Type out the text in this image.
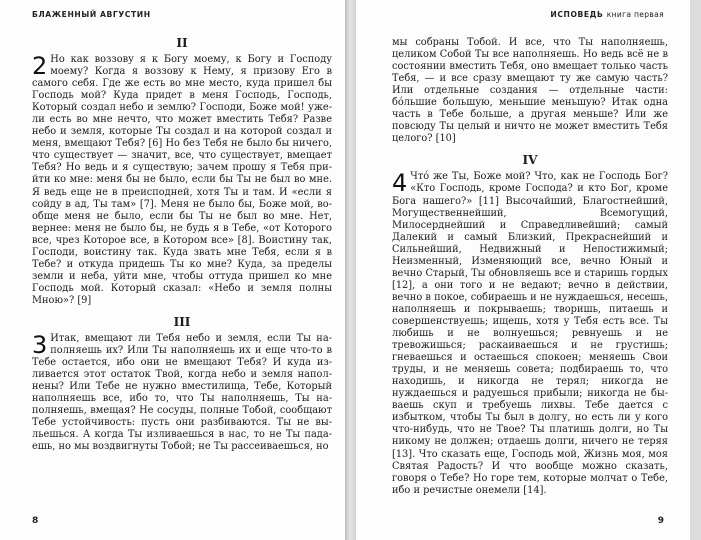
БЛАЖЕННЫЙ АВГУСТИН
II

2 Но как воззову я к Богу моему, к Богу и Господу моему? Когда я воззову к Нему, я призову Его в самого себя. Где же есть во мне место, куда пришел бы Господь мой? Куда придет в меня Господь, Господь, Который создал небо и землю? Господи, Боже мой! ужели есть во мне нечто, что может вместить Тебя? Разве небо и земля, которые Ты создал и на которой создал и меня, вмещают Тебя? [6] Но без Тебя не было бы ничего, что существует — значит, все, что существует, вмещает Тебя? Но ведь и я существую; зачем прошу я Тебя прийти ко мне: меня бы не было, если бы Ты не был во мне. Я ведь еще не в преисподней, хотя Ты и там. И «если я сойду в ад, Ты там» [7]. Меня не было бы, Боже мой, вообще меня не было, если бы Ты не был во мне. Нет, вернее: меня не было бы, не будь я в Тебе, «от Которого все, чрез Которое все, в Котором все» [8]. Воистину так, Господи, воистину так. Куда звать мне Тебя, если я в Тебе? и откуда придешь Ты ко мне? Куда, за пределы земли и неба, уйти мне, чтобы оттуда пришел ко мне Господь мой. Который сказал: «Небо и земля полны Мною»? [9]

III

3 Итак, вмещают ли Тебя небо и земля, если Ты наполняешь их? Или Ты наполняешь их и еще что-то в Тебе остается, ибо они не вмещают Тебя? И куда изливается этот остаток Твой, когда небо и земля наполнены? Или Тебе не нужно вместилища, Тебе, Который наполняешь все, ибо то, что Ты наполняешь, Ты наполняешь, вмещая? Не сосуды, полные Тобой, сообщают Тебе устойчивость: пусть они разбиваются. Ты не выльешься. А когда Ты изливаешься в нас, то не Ты падаешь, но мы воздвигнуты Тобой; не Ты рассеиваешься, но

8
ИСПОВЕДЬ книга первая

мы собраны Тобой. И все, что Ты наполняешь, целиком Собой Ты все наполняешь. Но ведь всё не в состоянии вместить Тебя, оно вмещает только часть Тебя, — и все сразу вмещают ту же самую часть? Или отдельные создания — отдельные части: бо́льшие большую, меньшие меньшую? Итак одна часть в Тебе больше, а другая меньше? Или же повсюду Ты целый и ничто не может вместить Тебя целого? [10]

IV

4 Что́ же Ты, Боже мой? Что, как не Господь Бог? «Кто Господь, кроме Господа? и кто Бог, кроме Бога нашего?» [11] Высочайший, Благостнейший, Могущественнейший, Всемогущий, Милосерднейший и Справедливейший; самый Далекий и самый Близкий, Прекраснейший и Сильнейший, Недвижный и Непостижимый; Неизменный, Изменяющий все, вечно Юный и вечно Старый, Ты обновляешь все и старишь гордых [12], а они того и не ведают; вечно в действии, вечно в покое, собираешь и не нуждаешься, несешь, наполняешь и покрываешь; творишь, питаешь и совершенствуешь; ищешь, хотя у Тебя есть все. Ты любишь и не волнуешься; ревнуешь и не тревожишься; раскаиваешься и не грустишь; гневаешься и остаешься спокоен; меняешь Свои труды, и не меняешь совета; подбираешь то, что находишь, и никогда не терял; никогда не нуждаешься и радуешься прибыли; никогда не бываешь скуп и требуешь лихвы. Тебе дается с избытком, чтобы Ты был в долгу, но есть ли у кого что-нибудь, что не Твое? Ты платишь долги, но Ты никому не должен; отдаешь долги, ничего не теряя [13]. Что сказать еще, Господь мой, Жизнь моя, моя Святая Радость? И что вообще можно сказать, говоря о Тебе? Но горе тем, которые молчат о Тебе, ибо и речистые онемели [14].

9
